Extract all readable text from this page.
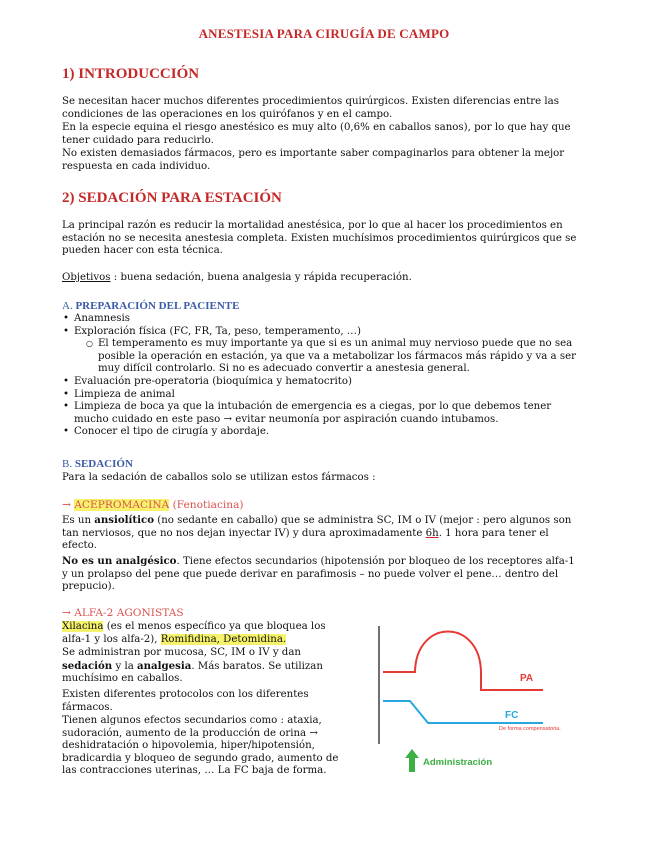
ANESTESIA PARA CIRUGÍA DE CAMPO
1) INTRODUCCIÓN

Se necesitan hacer muchos diferentes procedimientos quirúrgicos. Existen diferencias entre las condiciones de las operaciones en los quirófanos y en el campo.

En la especie equina el riesgo anestésico es muy alto (0,6% en caballos sanos), por lo que hay que tener cuidado para reducirlo.

No existen demasiados fármacos, pero es importante saber compaginarlos para obtener la mejor respuesta en cada individuo.

2) SEDACIÓN PARA ESTACIÓN

La principal razón es reducir la mortalidad anestésica, por lo que al hacer los procedimientos en estación no se necesita anestesia completa. Existen muchísimos procedimientos quirúrgicos que se pueden hacer con esta técnica.

Objetivos : buena sedación, buena analgesia y rápida recuperación.

A. PREPARACIÓN DEL PACIENTE
• Anamnesis
• Exploración física (FC, FR, Ta, peso, temperamento, …)
○ El temperamento es muy importante ya que si es un animal muy nervioso puede que no sea posible la operación en estación, ya que va a metabolizar los fármacos más rápido y va a ser muy difícil controlarlo. Si no es adecuado convertir a anestesia general.
• Evaluación pre-operatoria (bioquímica y hematocrito)
• Limpieza de animal
• Limpieza de boca ya que la intubación de emergencia es a ciegas, por lo que debemos tener mucho cuidado en este paso → evitar neumonía por aspiración cuando intubamos.
• Conocer el tipo de cirugía y abordaje.
B. SEDACIÓN

Para la sedación de caballos solo se utilizan estos fármacos :

→ ACEPROMACINA (Fenotiacina)

Es un ansiolítico (no sedante en caballo) que se administra SC, IM o IV (mejor : pero algunos son tan nerviosos, que no nos dejan inyectar IV) y dura aproximadamente 6h. 1 hora para tener el efecto.

No es un analgésico. Tiene efectos secundarios (hipotensión por bloqueo de los receptores alfa-1 y un prolapso del pene que puede derivar en parafimosis – no puede volver el pene… dentro del prepucio).

→ ALFA-2 AGONISTAS

Xilacina (es el menos específico ya que bloquea los alfa-1 y los alfa-2), Romifidina, Detomidina.

Se administran por mucosa, SC, IM o IV y dan sedación y la analgesia. Más baratos. Se utilizan muchísimo en caballos.

Existen diferentes protocolos con los diferentes fármacos.

Tienen algunos efectos secundarios como : ataxia, sudoración, aumento de la producción de orina → deshidratación o hipovolemia, hiper/hipotensión, bradicardia y bloqueo de segundo grado, aumento de las contracciones uterinas, … La FC baja de forma.

PA
FC
De forma compensatoria.
Administración
